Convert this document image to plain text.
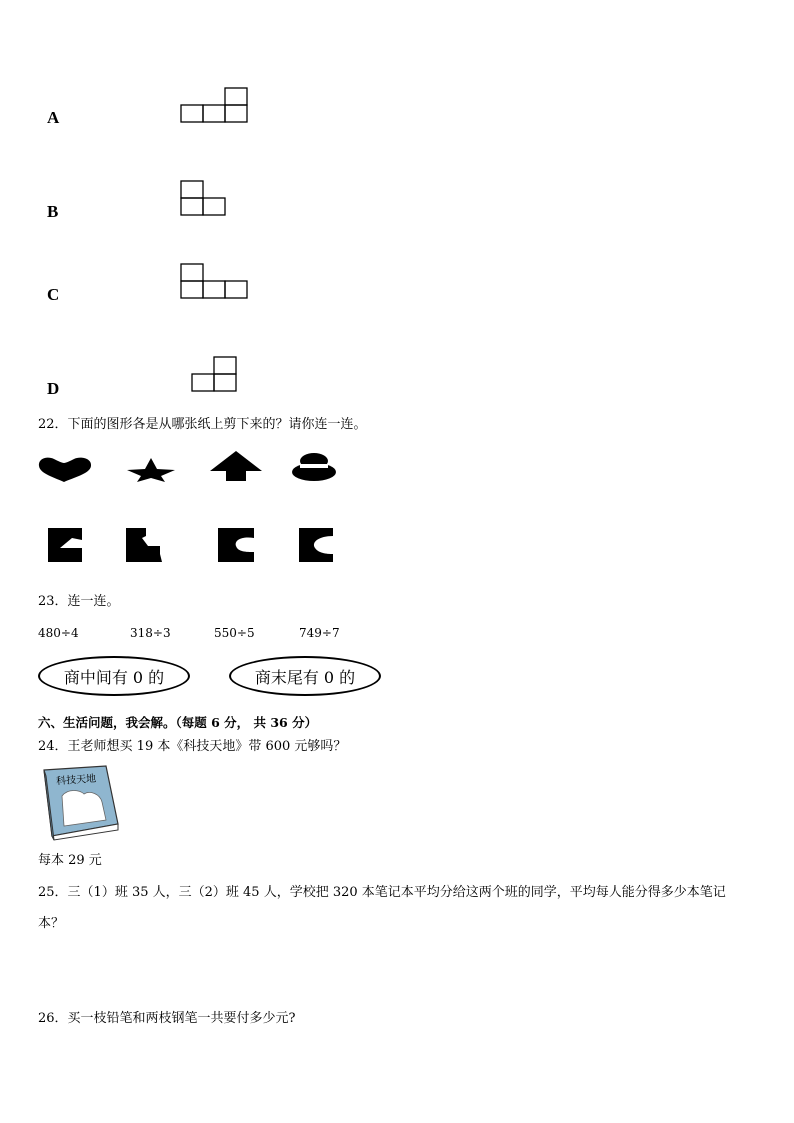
A
B
C
D
22．下面的图形各是从哪张纸上剪下来的？请你连一连。
23．连一连。
480÷4	318÷3	550÷5	749÷7
商中间有 0 的	商末尾有 0 的
六、生活问题，我会解。（每题 6 分， 共 36 分）
24．王老师想买 19 本《科技天地》带 600 元够吗？
科技天地
每本 29 元
25．三（1）班 35 人，三（2）班 45 人，学校把 320 本笔记本平均分给这两个班的同学，平均每人能分得多少本笔记
本？
26．买一枝铅笔和两枝钢笔一共要付多少元?
